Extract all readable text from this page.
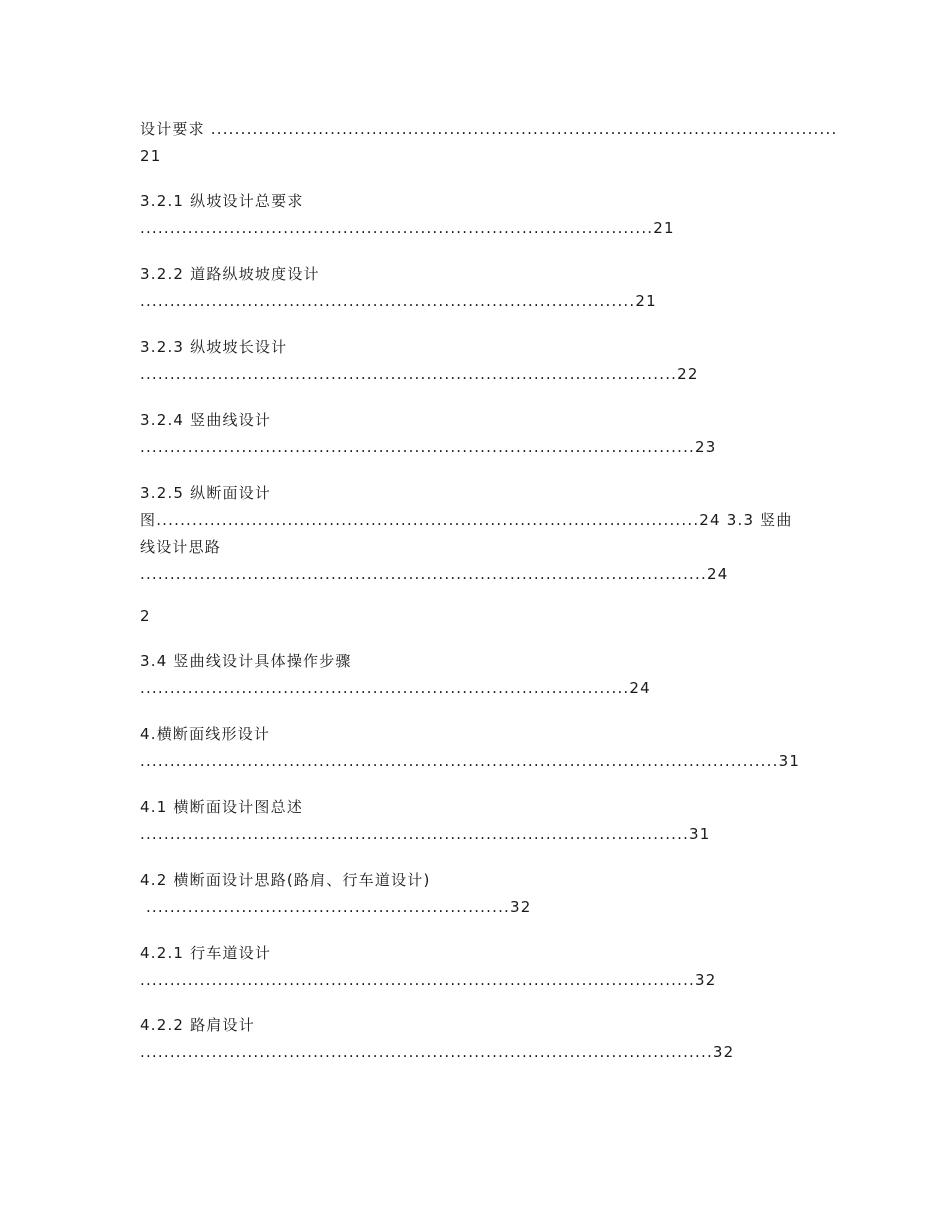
设计要求 .........................................................................................................
21
3.2.1 纵坡设计总要求
......................................................................................21
3.2.2 道路纵坡坡度设计
...................................................................................21
3.2.3 纵坡坡长设计
..........................................................................................22
3.2.4 竖曲线设计
.............................................................................................23
3.2.5 纵断面设计
图...........................................................................................24 3.3 竖曲
线设计思路
...............................................................................................24
2
3.4 竖曲线设计具体操作步骤
..................................................................................24
4.横断面线形设计
...........................................................................................................31
4.1 横断面设计图总述
............................................................................................31
4.2 横断面设计思路(路肩、行车道设计)
.............................................................32
4.2.1 行车道设计
.............................................................................................32
4.2.2 路肩设计
................................................................................................32
